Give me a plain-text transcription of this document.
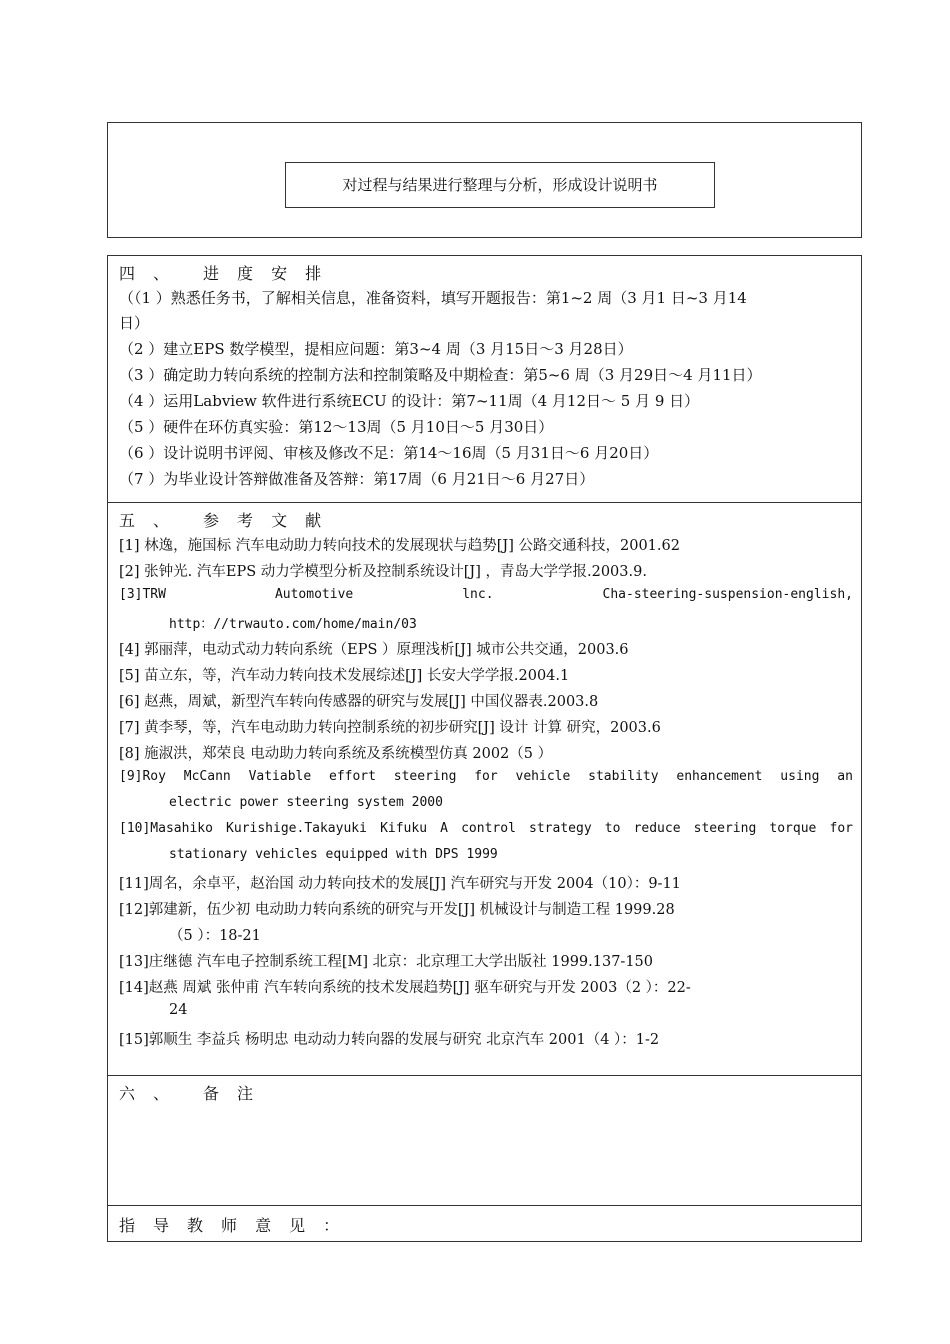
对过程与结果进行整理与分析，形成设计说明书
四 、 进 度 安 排
（（1 ）熟悉任务书，了解相关信息，准备资料，填写开题报告：第1~2 周（3 月1 日~3 月14
日）
（2 ）建立EPS 数学模型，提相应问题：第3~4 周（3 月15日～3 月28日）
（3 ）确定助力转向系统的控制方法和控制策略及中期检查：第5~6 周（3 月29日～4 月11日）
（4 ）运用Labview 软件进行系统ECU 的设计：第7~11周（4 月12日～ 5 月 9 日）
（5 ）硬件在环仿真实验：第12～13周（5 月10日～5 月30日）
（6 ）设计说明书评阅、审核及修改不足：第14～16周（5 月31日～6 月20日）
（7 ）为毕业设计答辩做准备及答辩：第17周（6 月21日～6 月27日）
五 、 参 考 文 献
[1] 林逸，施国标 汽车电动助力转向技术的发展现状与趋势[J] 公路交通科技，2001.62
[2] 张钟光. 汽车EPS 动力学模型分析及控制系统设计[J] ，青岛大学学报.2003.9.
[3]TRW	Automotive	lnc.	Cha-steering-suspension-english,
http：//trwauto.com/home/main/03
[4] 郭丽萍，电动式动力转向系统（EPS ）原理浅析[J] 城市公共交通，2003.6
[5] 苗立东，等，汽车动力转向技术发展综述[J] 长安大学学报.2004.1
[6] 赵燕，周斌，新型汽车转向传感器的研究与发展[J] 中国仪器表.2003.8
[7] 黄李琴，等，汽车电动助力转向控制系统的初步研究[J] 设计 计算 研究，2003.6
[8] 施淑洪，郑荣良 电动助力转向系统及系统模型仿真 2002（5 ）
[9]Roy McCann Vatiable effort steering for vehicle stability enhancement using an
electric power steering system 2000
[10]Masahiko Kurishige.Takayuki Kifuku A control strategy to reduce steering torque for
stationary vehicles equipped with DPS 1999
[11]周名，余卓平，赵治国 动力转向技术的发展[J] 汽车研究与开发 2004（10）：9-11
[12]郭建新，伍少初 电动助力转向系统的研究与开发[J] 机械设计与制造工程 1999.28
（5 ）：18-21
[13]庄继德 汽车电子控制系统工程[M] 北京：北京理工大学出版社 1999.137-150
[14]赵燕 周斌 张仲甫 汽车转向系统的技术发展趋势[J] 驱车研究与开发 2003（2 ）：22-
24
[15]郭顺生 李益兵 杨明忠 电动动力转向器的发展与研究 北京汽车 2001（4 ）：1-2
六 、 备 注
指 导 教 师 意 见 ：
